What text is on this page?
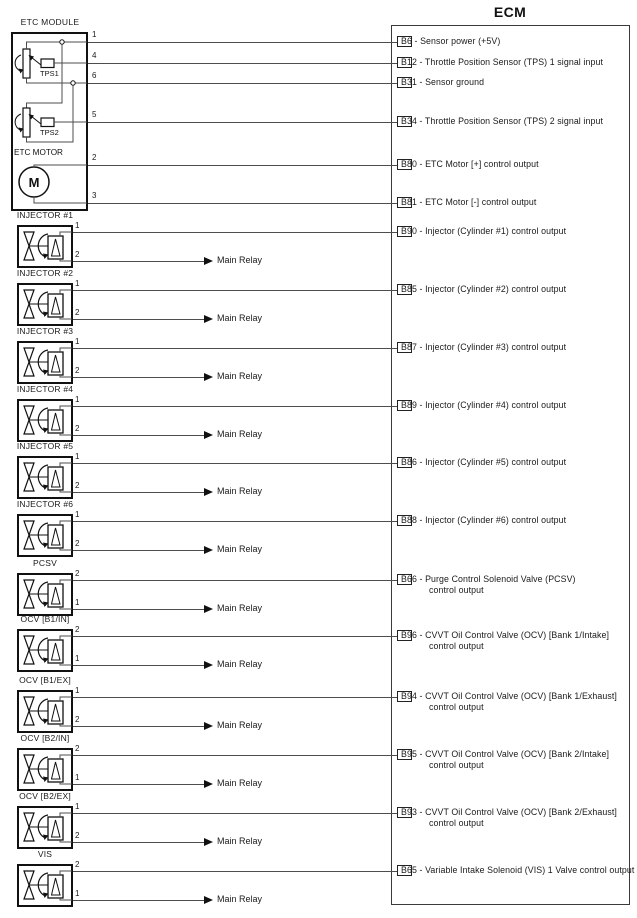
ECM
ETC MODULE
TPS1
TPS2
ETC MOTOR
M
1
4
6
5
2
3
INJECTOR #1
Main Relay
1
2
INJECTOR #2
Main Relay
1
2
INJECTOR #3
Main Relay
1
2
INJECTOR #4
Main Relay
1
2
INJECTOR #5
Main Relay
1
2
INJECTOR #6
Main Relay
1
2
PCSV
Main Relay
2
1
OCV [B1/IN]
Main Relay
2
1
OCV [B1/EX]
Main Relay
1
2
OCV [B2/IN]
Main Relay
2
1
OCV [B2/EX]
Main Relay
1
2
VIS
Main Relay
2
1
B6 - Sensor power (+5V)
B12 - Throttle Position Sensor (TPS) 1 signal input
B31 - Sensor ground
B34 - Throttle Position Sensor (TPS) 2 signal input
B80 - ETC Motor [+] control output
B81 - ETC Motor [-] control output
B90 - Injector (Cylinder #1) control output
B85 - Injector (Cylinder #2) control output
B87 - Injector (Cylinder #3) control output
B89 - Injector (Cylinder #4) control output
B86 - Injector (Cylinder #5) control output
B88 - Injector (Cylinder #6) control output
B66 - Purge Control Solenoid Valve (PCSV)
control output
B96 - CVVT Oil Control Valve (OCV) [Bank 1/Intake]
control output
B94 - CVVT Oil Control Valve (OCV) [Bank 1/Exhaust]
control output
B95 - CVVT Oil Control Valve (OCV) [Bank 2/Intake]
control output
B93 - CVVT Oil Control Valve (OCV) [Bank 2/Exhaust]
control output
B65 - Variable Intake Solenoid (VIS) 1 Valve control output
